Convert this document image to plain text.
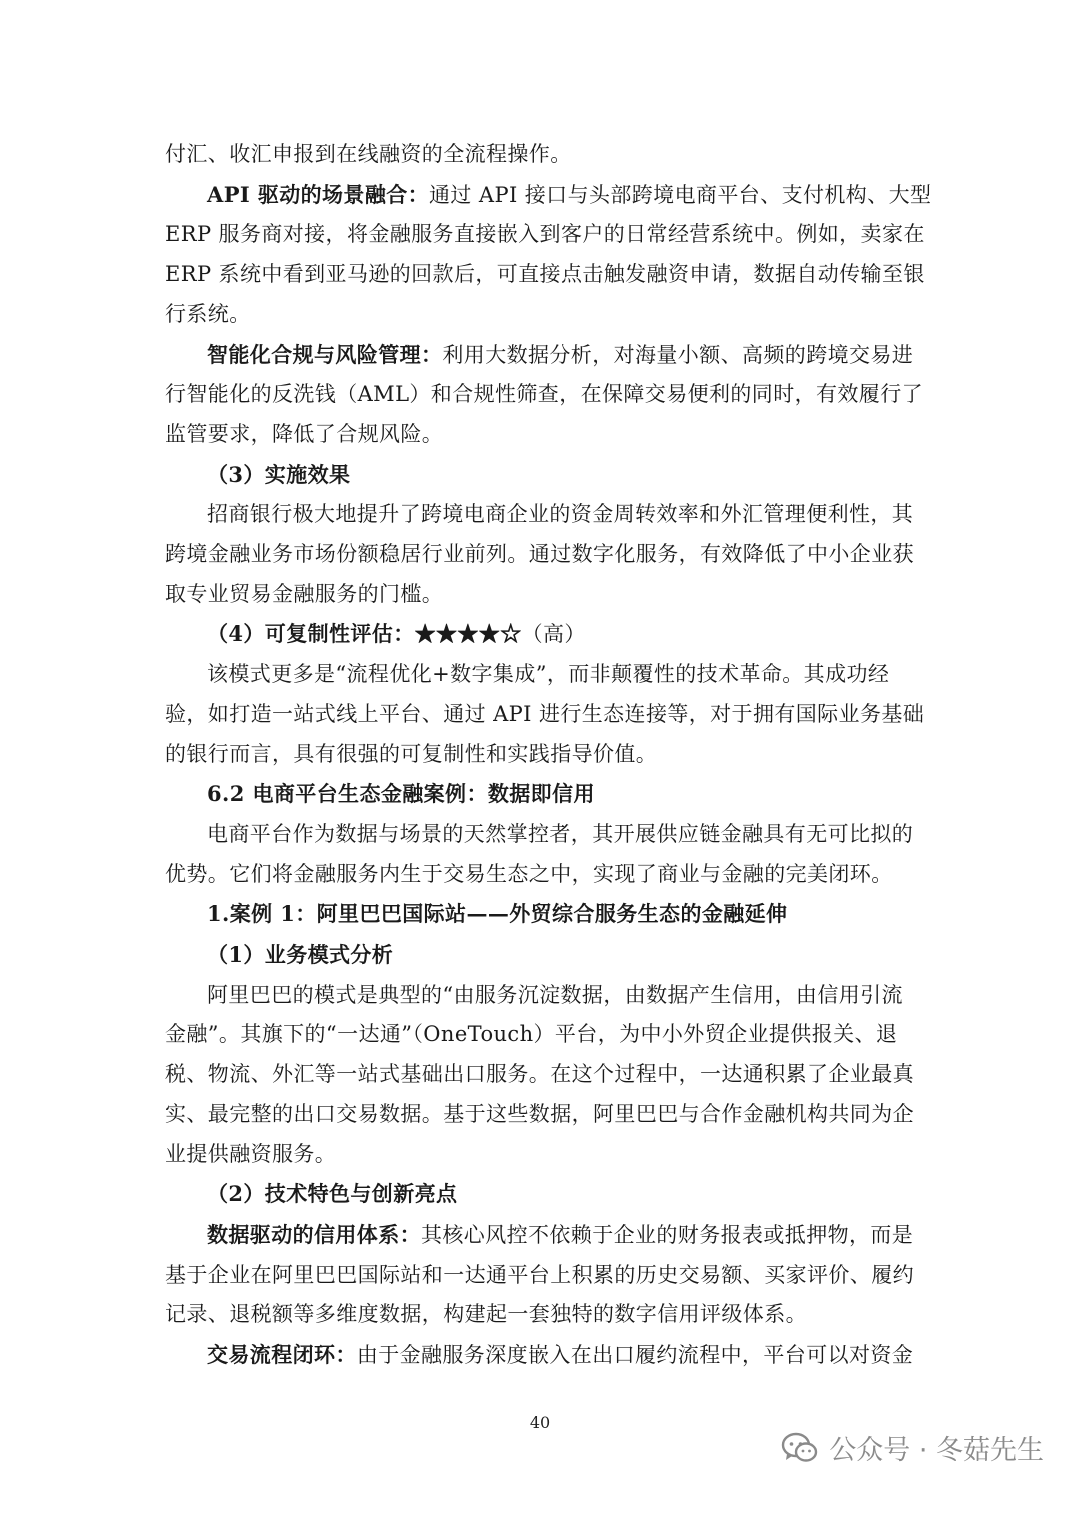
付汇、收汇申报到在线融资的全流程操作。
API 驱动的场景融合：通过 API 接口与头部跨境电商平台、支付机构、大型
ERP 服务商对接，将金融服务直接嵌入到客户的日常经营系统中。例如，卖家在
ERP 系统中看到亚马逊的回款后，可直接点击触发融资申请，数据自动传输至银
行系统。
智能化合规与风险管理：利用大数据分析，对海量小额、高频的跨境交易进
行智能化的反洗钱（AML）和合规性筛查，在保障交易便利的同时，有效履行了
监管要求，降低了合规风险。
（3）实施效果
招商银行极大地提升了跨境电商企业的资金周转效率和外汇管理便利性，其
跨境金融业务市场份额稳居行业前列。通过数字化服务，有效降低了中小企业获
取专业贸易金融服务的门槛。
（4）可复制性评估：★★★★☆（高）
该模式更多是“流程优化+数字集成”，而非颠覆性的技术革命。其成功经
验，如打造一站式线上平台、通过 API 进行生态连接等，对于拥有国际业务基础
的银行而言，具有很强的可复制性和实践指导价值。
6.2 电商平台生态金融案例：数据即信用
电商平台作为数据与场景的天然掌控者，其开展供应链金融具有无可比拟的
优势。它们将金融服务内生于交易生态之中，实现了商业与金融的完美闭环。
1.案例 1：阿里巴巴国际站——外贸综合服务生态的金融延伸
（1）业务模式分析
阿里巴巴的模式是典型的“由服务沉淀数据，由数据产生信用，由信用引流
金融”。其旗下的“一达通”（OneTouch）平台，为中小外贸企业提供报关、退
税、物流、外汇等一站式基础出口服务。在这个过程中，一达通积累了企业最真
实、最完整的出口交易数据。基于这些数据，阿里巴巴与合作金融机构共同为企
业提供融资服务。
（2）技术特色与创新亮点
数据驱动的信用体系：其核心风控不依赖于企业的财务报表或抵押物，而是
基于企业在阿里巴巴国际站和一达通平台上积累的历史交易额、买家评价、履约
记录、退税额等多维度数据，构建起一套独特的数字信用评级体系。
交易流程闭环：由于金融服务深度嵌入在出口履约流程中，平台可以对资金
40
公众号 · 冬菇先生
